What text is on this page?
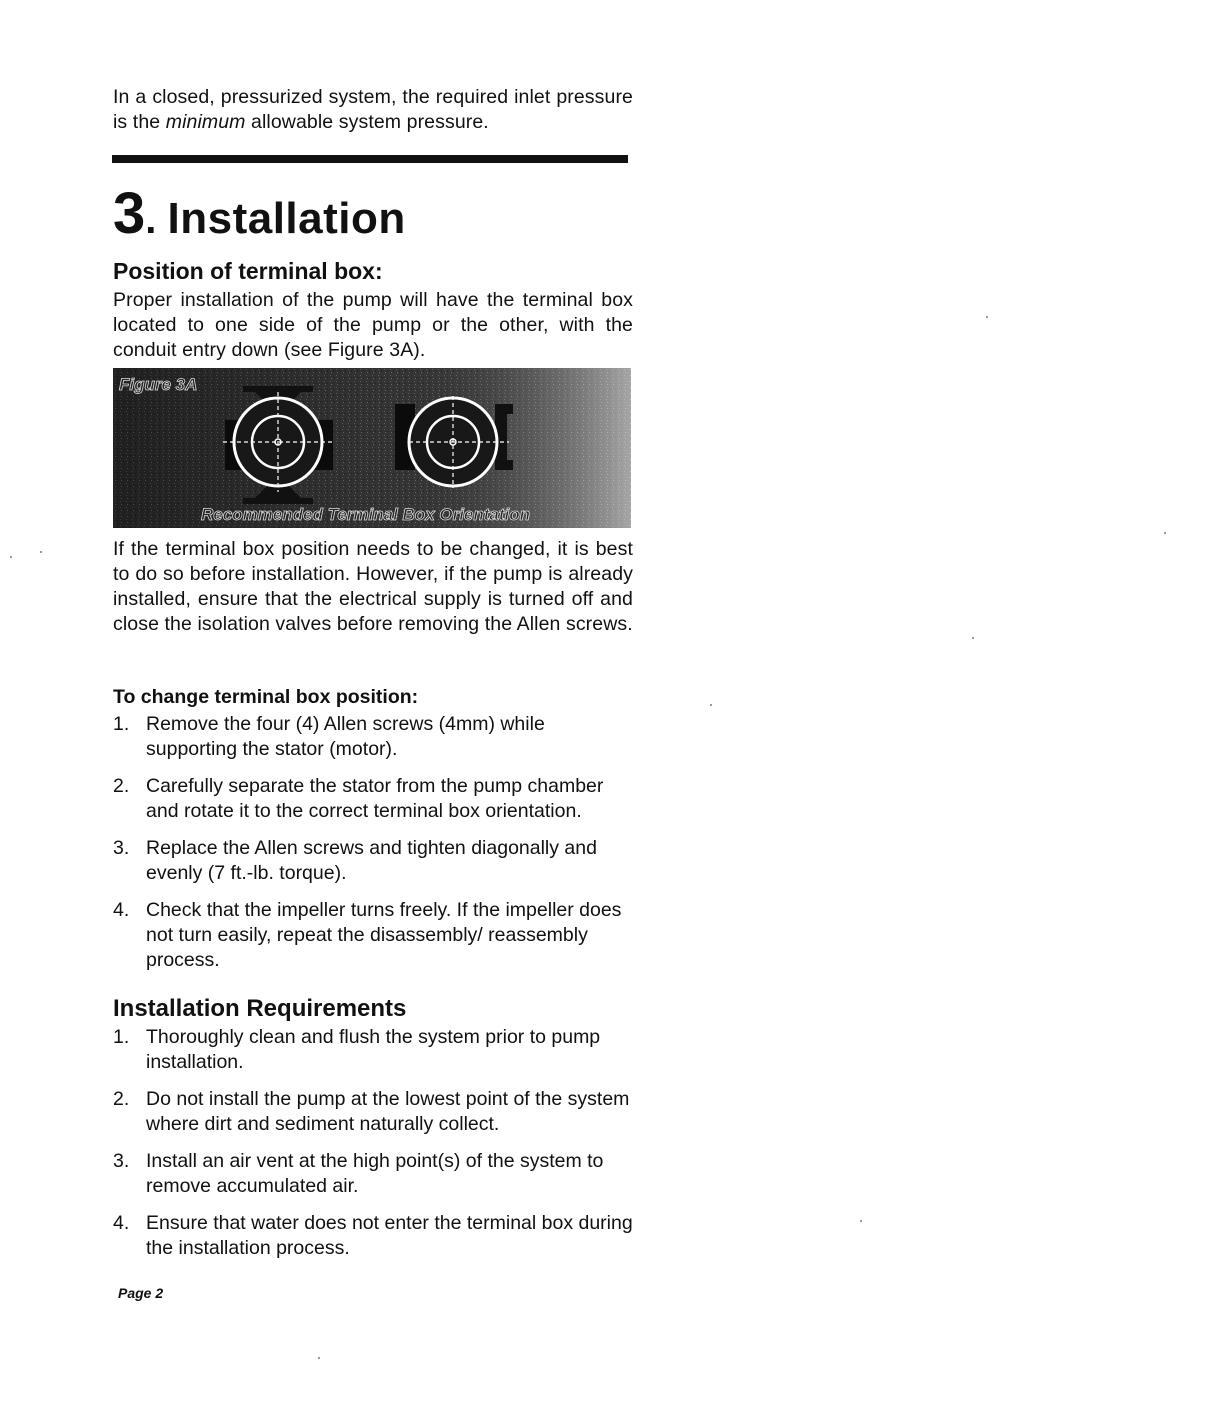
In a closed, pressurized system, the required inlet pressure is the minimum allowable system pressure.

3. Installation
Position of terminal box:

Proper installation of the pump will have the terminal box located to one side of the pump or the other, with the conduit entry down (see Figure 3A).

Figure 3A
Recommended Terminal Box Orientation

If the terminal box position needs to be changed, it is best to do so before installation. However, if the pump is already installed, ensure that the electrical supply is turned off and close the isolation valves before removing the Allen screws.

To change terminal box position:
1. Remove the four (4) Allen screws (4mm) while supporting the stator (motor).
2. Carefully separate the stator from the pump chamber and rotate it to the correct terminal box orientation.
3. Replace the Allen screws and tighten diagonally and evenly (7 ft.-lb. torque).
4. Check that the impeller turns freely. If the impeller does not turn easily, repeat the disassembly/ reassembly process.
Installation Requirements
1. Thoroughly clean and flush the system prior to pump installation.
2. Do not install the pump at the lowest point of the system where dirt and sediment naturally collect.
3. Install an air vent at the high point(s) of the system to remove accumulated air.
4. Ensure that water does not enter the terminal box during the installation process.
Page 2
